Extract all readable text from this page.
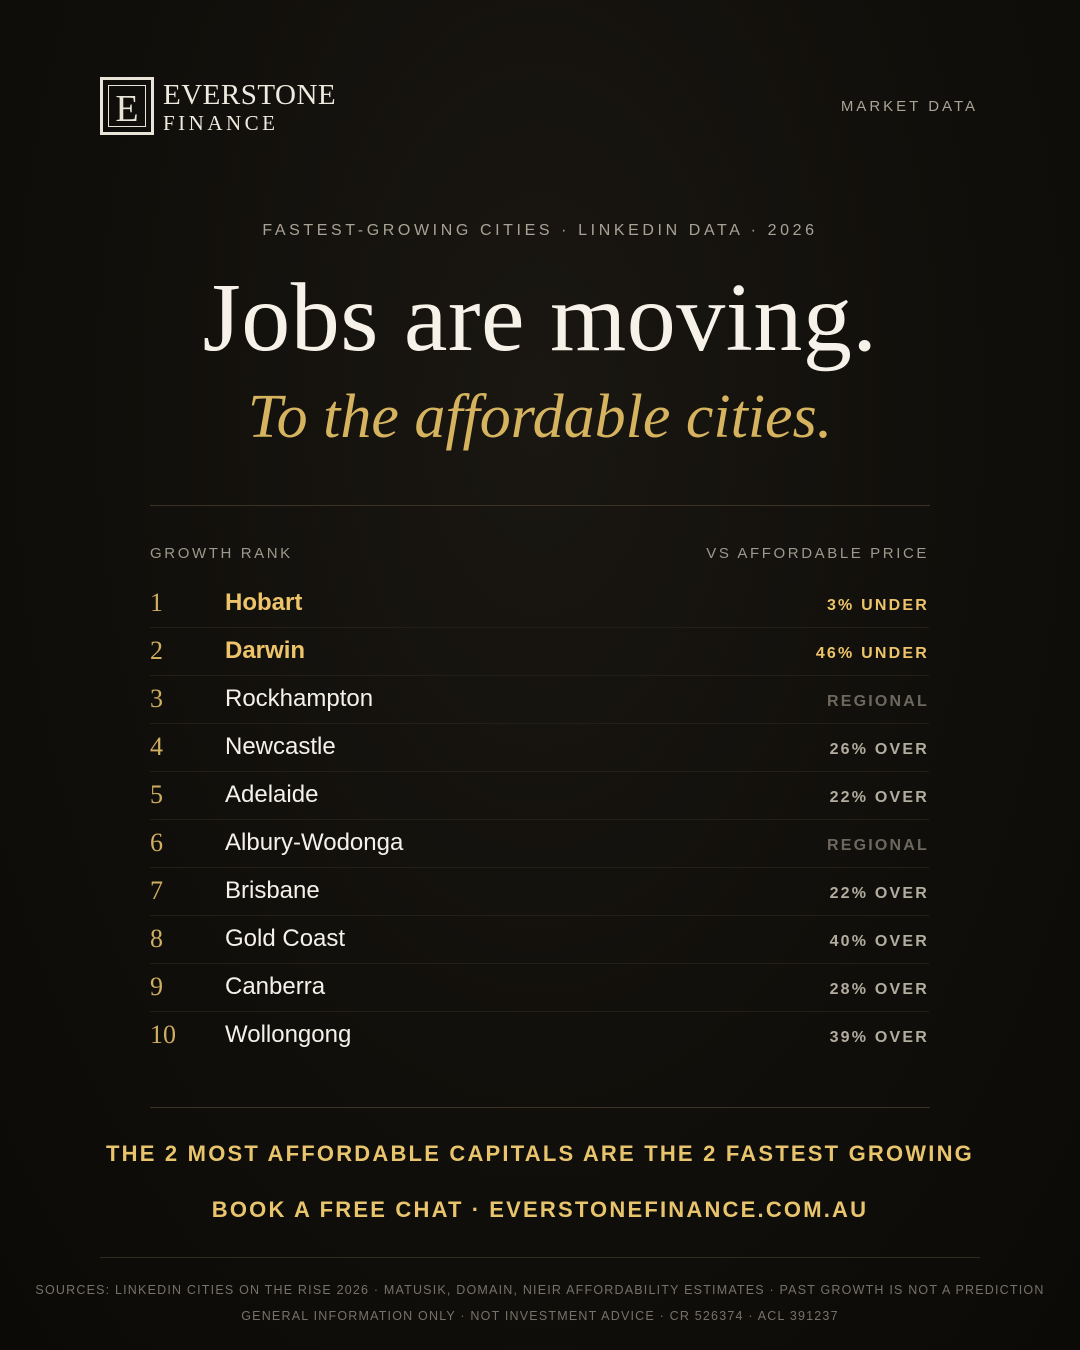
E EVERSTONE
FINANCE
MARKET DATA
FASTEST-GROWING CITIES · LINKEDIN DATA · 2026
Jobs are moving.
To the affordable cities.
GROWTH RANK	VS AFFORDABLE PRICE
1	Hobart	3% UNDER
2	Darwin	46% UNDER
3	Rockhampton	REGIONAL
4	Newcastle	26% OVER
5	Adelaide	22% OVER
6	Albury-Wodonga	REGIONAL
7	Brisbane	22% OVER
8	Gold Coast	40% OVER
9	Canberra	28% OVER
10 Wollongong	39% OVER
THE 2 MOST AFFORDABLE CAPITALS ARE THE 2 FASTEST GROWING
BOOK A FREE CHAT · EVERSTONEFINANCE.COM.AU
SOURCES: LINKEDIN CITIES ON THE RISE 2026 · MATUSIK, DOMAIN, NIEIR AFFORDABILITY ESTIMATES · PAST GROWTH IS NOT A PREDICTION
GENERAL INFORMATION ONLY · NOT INVESTMENT ADVICE · CR 526374 · ACL 391237
